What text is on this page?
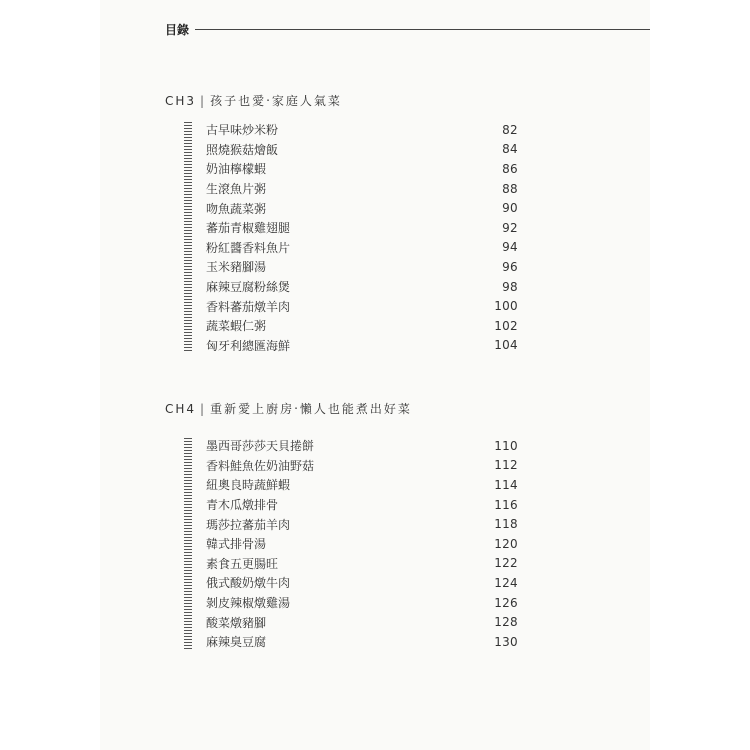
目錄
CH3 | 孩子也愛‧家庭人氣菜
古早味炒米粉	82
照燒猴菇燴飯	84
奶油檸檬蝦	86
生滾魚片粥	88
吻魚蔬菜粥	90
蕃茄青椒雞翅腿	92
粉紅醬香料魚片	94
玉米豬腳湯	96
麻辣豆腐粉絲煲	98
香料蕃茄燉羊肉	100
蔬菜蝦仁粥	102
匈牙利總匯海鮮	104
CH4 | 重新愛上廚房‧懶人也能煮出好菜
墨西哥莎莎天貝捲餅	110
香料鮭魚佐奶油野菇	112
紐奧良時蔬鮮蝦	114
青木瓜燉排骨	116
瑪莎拉蕃茄羊肉	118
韓式排骨湯	120
素食五更腸旺	122
俄式酸奶燉牛肉	124
剝皮辣椒燉雞湯	126
酸菜燉豬腳	128
麻辣臭豆腐	130
